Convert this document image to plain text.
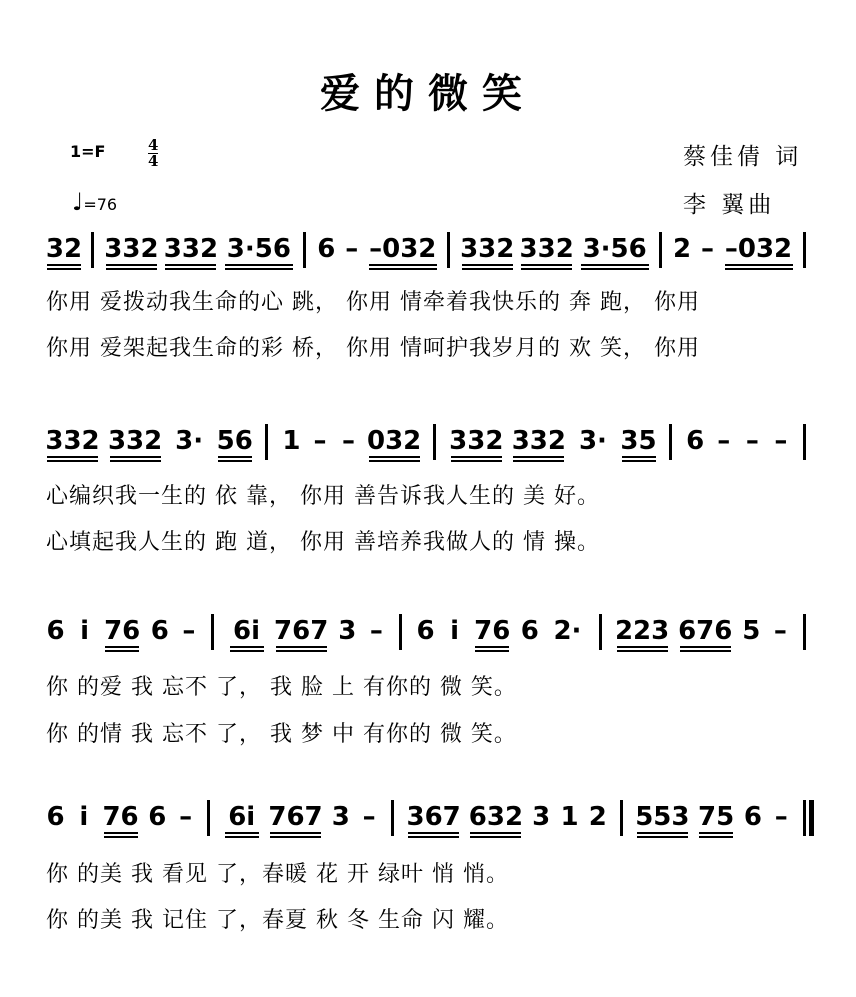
爱的微笑
1=F	4
4
♩=76
蔡佳倩 词
李 翼曲
32 332 332 3·56 6 – –032 332 332 3·56 2 – –032
332 332 3· 56 1 – – 032 332 332 3· 35 6 – – –
6 i 76 6 – 6i 767 3 – 6 i 76 6 2· 223 676 5 –
6 i 76 6 – 6i 767 3 – 367 632 3 1 2 553 75 6 –
你用 爱拨动我生命的心 跳， 你用 情牵着我快乐的 奔 跑， 你用
你用 爱架起我生命的彩 桥， 你用 情呵护我岁月的 欢 笑， 你用
心编织我一生的 依 靠， 你用 善告诉我人生的 美 好。
心填起我人生的 跑 道， 你用 善培养我做人的 情 操。
你 的爱 我 忘不 了， 我 脸 上 有你的 微 笑。
你 的情 我 忘不 了， 我 梦 中 有你的 微 笑。
你 的美 我 看见 了，春暖 花 开 绿叶 悄 悄。
你 的美 我 记住 了，春夏 秋 冬 生命 闪 耀。
